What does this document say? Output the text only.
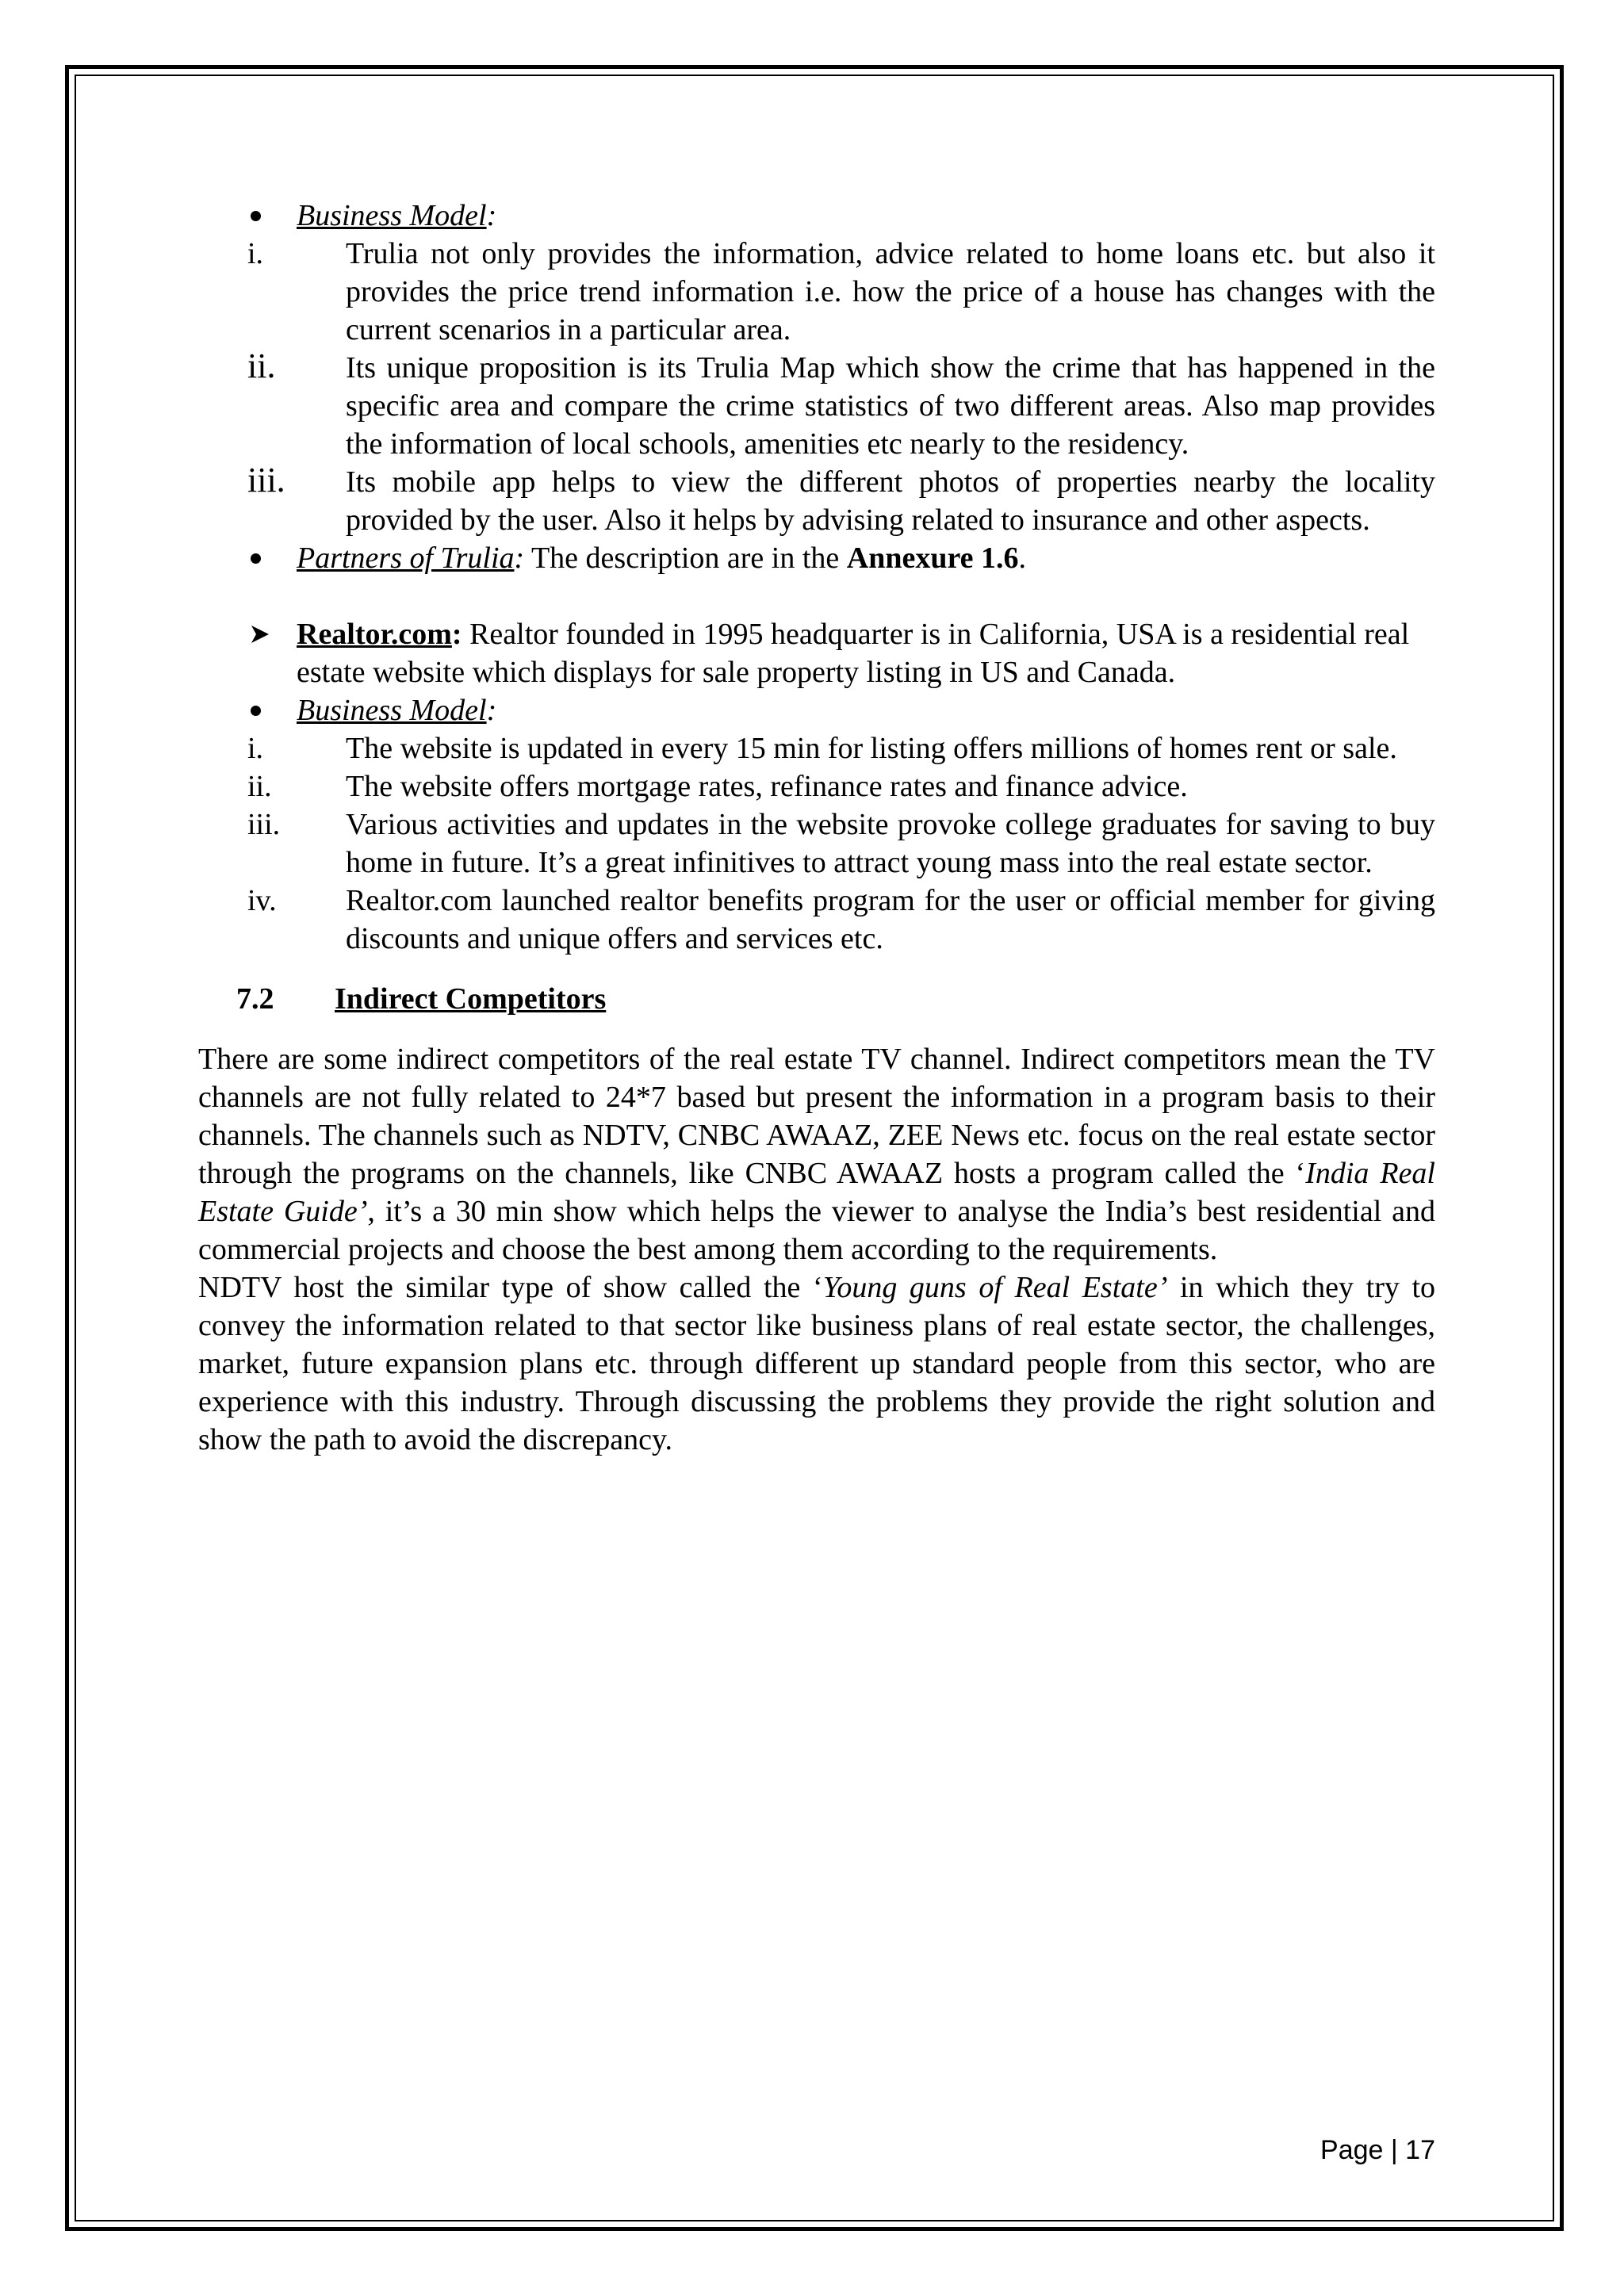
Business Model:
i.	Trulia not only provides the information, advice related to home loans etc. but also it provides the price trend information i.e. how the price of a house has changes with the current scenarios in a particular area.
ii.	Its unique proposition is its Trulia Map which show the crime that has happened in the specific area and compare the crime statistics of two different areas. Also map provides the information of local schools, amenities etc nearly to the residency.
iii.	Its mobile app helps to view the different photos of properties nearby the locality provided by the user. Also it helps by advising related to insurance and other aspects.
Partners of Trulia: The description are in the Annexure 1.6.
Realtor.com: Realtor founded in 1995 headquarter is in California, USA is a residential real estate website which displays for sale property listing in US and Canada.
Business Model:
i.	The website is updated in every 15 min for listing offers millions of homes rent or sale.
ii.	The website offers mortgage rates, refinance rates and finance advice.
iii.	Various activities and updates in the website provoke college graduates for saving to buy home in future. It’s a great infinitives to attract young mass into the real estate sector.
iv.	Realtor.com launched realtor benefits program for the user or official member for giving discounts and unique offers and services etc.
7.2 Indirect Competitors
There are some indirect competitors of the real estate TV channel. Indirect competitors mean the TV channels are not fully related to 24*7 based but present the information in a program basis to their channels. The channels such as NDTV, CNBC AWAAZ, ZEE News etc. focus on the real estate sector through the programs on the channels, like CNBC AWAAZ hosts a program called the ‘India Real Estate Guide’, it’s a 30 min show which helps the viewer to analyse the India’s best residential and commercial projects and choose the best among them according to the requirements.
NDTV host the similar type of show called the ‘Young guns of Real Estate’ in which they try to convey the information related to that sector like business plans of real estate sector, the challenges, market, future expansion plans etc. through different up standard people from this sector, who are experience with this industry. Through discussing the problems they provide the right solution and show the path to avoid the discrepancy.
Page | 17
